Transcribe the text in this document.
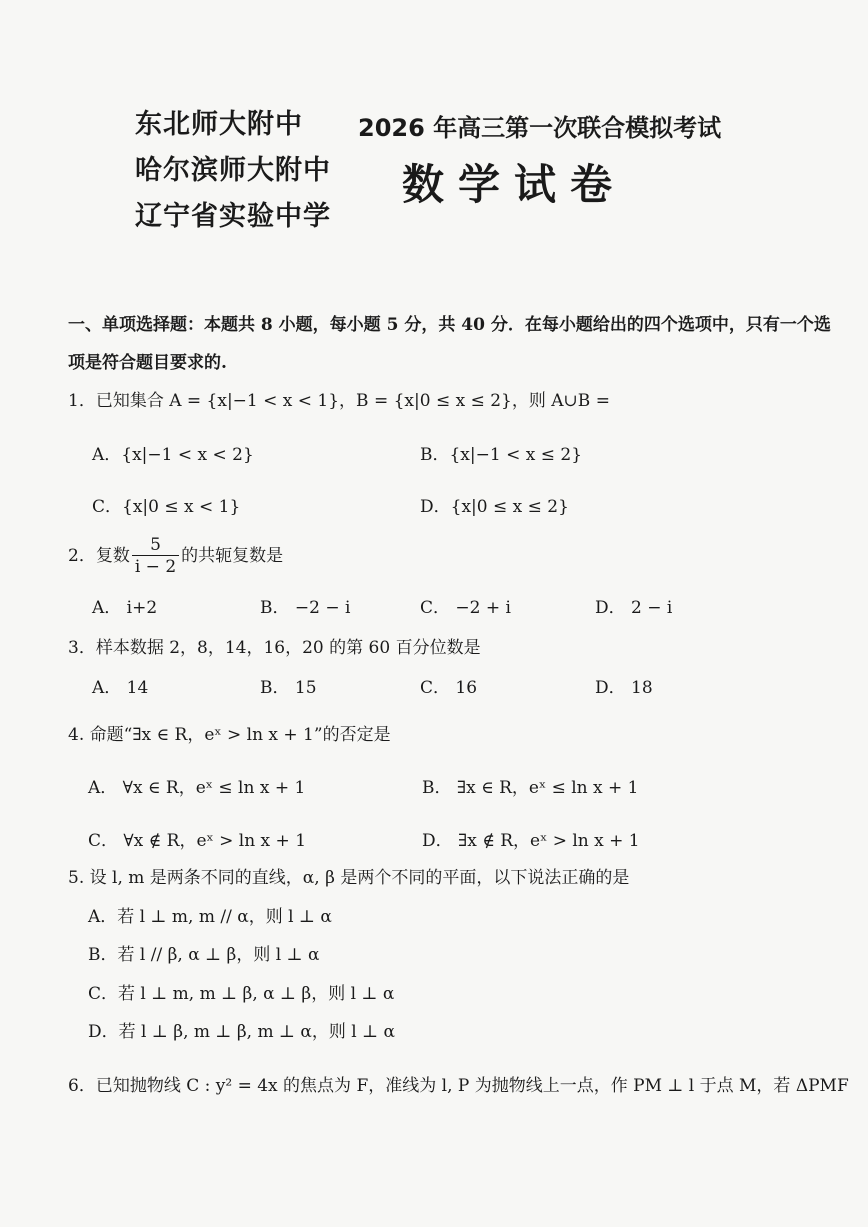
东北师大附中
哈尔滨师大附中
辽宁省实验中学
2026 年高三第一次联合模拟考试
数学试卷
一、单项选择题：本题共 8 小题，每小题 5 分，共 40 分．在每小题给出的四个选项中，只有一个选项是符合题目要求的.
1．已知集合 A = {x|−1 < x < 1}，B = {x|0 ≤ x ≤ 2}，则 A∪B =
A．{x|−1 < x < 2}	B．{x|−1 < x ≤ 2}
C．{x|0 ≤ x < 1}	D．{x|0 ≤ x ≤ 2}
2．复数 $\frac{5}{i - 2}$ 的共轭复数是
A． i+2	B． −2 − i	C． −2 + i	D． 2 − i
3．样本数据 2，8，14，16，20 的第 60 百分位数是
A． 14	B． 15	C． 16	D． 18
4. 命题“∃x ∈ R，eˣ > ln x + 1”的否定是
A． ∀x ∈ R，eˣ ≤ ln x + 1	B． ∃x ∈ R，eˣ ≤ ln x + 1
C． ∀x ∉ R，eˣ > ln x + 1	D． ∃x ∉ R，eˣ > ln x + 1
5. 设 l, m 是两条不同的直线，α, β 是两个不同的平面，以下说法正确的是
A．若 l ⊥ m, m // α，则 l ⊥ α
B．若 l // β, α ⊥ β，则 l ⊥ α
C．若 l ⊥ m, m ⊥ β, α ⊥ β，则 l ⊥ α
D．若 l ⊥ β, m ⊥ β, m ⊥ α，则 l ⊥ α
6．已知抛物线 C : y² = 4x 的焦点为 F，准线为 l, P 为抛物线上一点，作 PM ⊥ l 于点 M，若 ΔPMF
